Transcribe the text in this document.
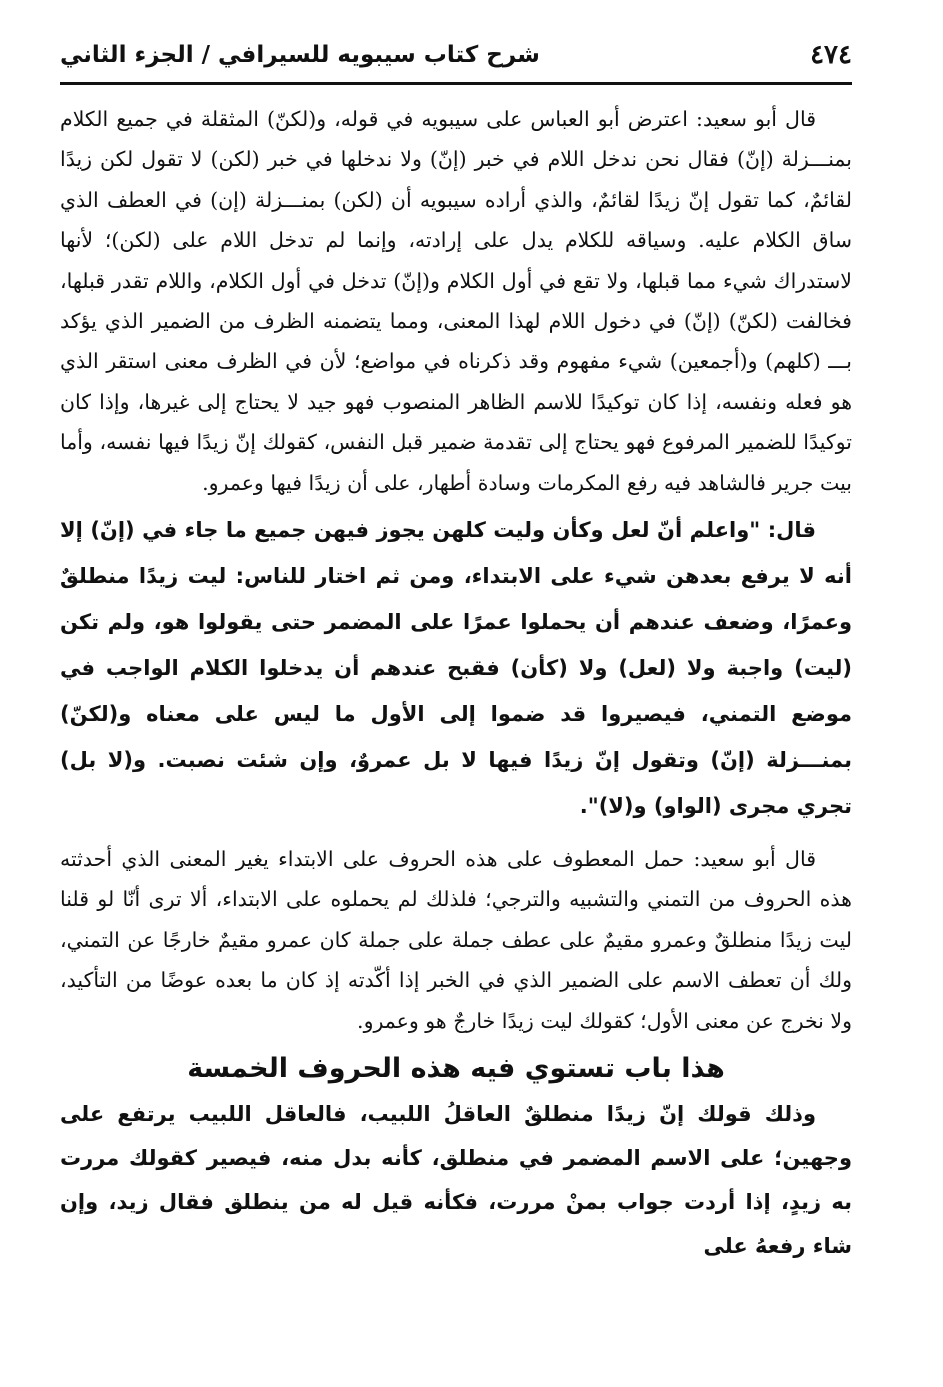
٤٧٤
شرح كتاب سيبويه للسيرافي / الجزء الثاني

قال أبو سعيد: اعترض أبو العباس على سيبويه في قوله، و(لكنّ) المثقلة في جميع الكلام بمنـــزلة (إنّ) فقال نحن ندخل اللام في خبر (إنّ) ولا ندخلها في خبر (لكن) لا تقول لكن زيدًا لقائمٌ، كما تقول إنّ زيدًا لقائمٌ، والذي أراده سيبويه أن (لكن) بمنـــزلة (إن) في العطف الذي ساق الكلام عليه. وسياقه للكلام يدل على إرادته، وإنما لم تدخل اللام على (لكن)؛ لأنها لاستدراك شيء مما قبلها، ولا تقع في أول الكلام و(إنّ) تدخل في أول الكلام، واللام تقدر قبلها، فخالفت (لكنّ) (إنّ) في دخول اللام لهذا المعنى، ومما يتضمنه الظرف من الضمير الذي يؤكد بـــ (كلهم) و(أجمعين) شيء مفهوم وقد ذكرناه في مواضع؛ لأن في الظرف معنى استقر الذي هو فعله ونفسه، إذا كان توكيدًا للاسم الظاهر المنصوب فهو جيد لا يحتاج إلى غيرها، وإذا كان توكيدًا للضمير المرفوع فهو يحتاج إلى تقدمة ضمير قبل النفس، كقولك إنّ زيدًا فيها نفسه، وأما بيت جرير فالشاهد فيه رفع المكرمات وسادة أطهار، على أن زيدًا فيها وعمرو.

قال: "واعلم أنّ لعل وكأن وليت كلهن يجوز فيهن جميع ما جاء في (إنّ) إلا أنه لا يرفع بعدهن شيء على الابتداء، ومن ثم اختار للناس: ليت زيدًا منطلقٌ وعمرًا، وضعف عندهم أن يحملوا عمرًا على المضمر حتى يقولوا هو، ولم تكن (ليت) واجبة ولا (لعل) ولا (كأن) فقبح عندهم أن يدخلوا الكلام الواجب في موضع التمني، فيصيروا قد ضموا إلى الأول ما ليس على معناه و(لكنّ) بمنـــزلة (إنّ) وتقول إنّ زيدًا فيها لا بل عمروٌ، وإن شئت نصبت. و(لا بل) تجري مجرى (الواو) و(لا)".

قال أبو سعيد: حمل المعطوف على هذه الحروف على الابتداء يغير المعنى الذي أحدثته هذه الحروف من التمني والتشبيه والترجي؛ فلذلك لم يحملوه على الابتداء، ألا ترى أنّا لو قلنا ليت زيدًا منطلقٌ وعمرو مقيمٌ على عطف جملة على جملة كان عمرو مقيمٌ خارجًا عن التمني، ولك أن تعطف الاسم على الضمير الذي في الخبر إذا أكّدته إذ كان ما بعده عوضًا من التأكيد، ولا نخرج عن معنى الأول؛ كقولك ليت زيدًا خارجٌ هو وعمرو.

هذا باب تستوي فيه هذه الحروف الخمسة

وذلك قولك إنّ زيدًا منطلقٌ العاقلُ اللبيب، فالعاقل اللبيب يرتفع على وجهين؛ على الاسم المضمر في منطلق، كأنه بدل منه، فيصير كقولك مررت به زيدٍ، إذا أردت جواب بمنْ مررت، فكأنه قيل له من ينطلق فقال زيد، وإن شاء رفعهُ على
